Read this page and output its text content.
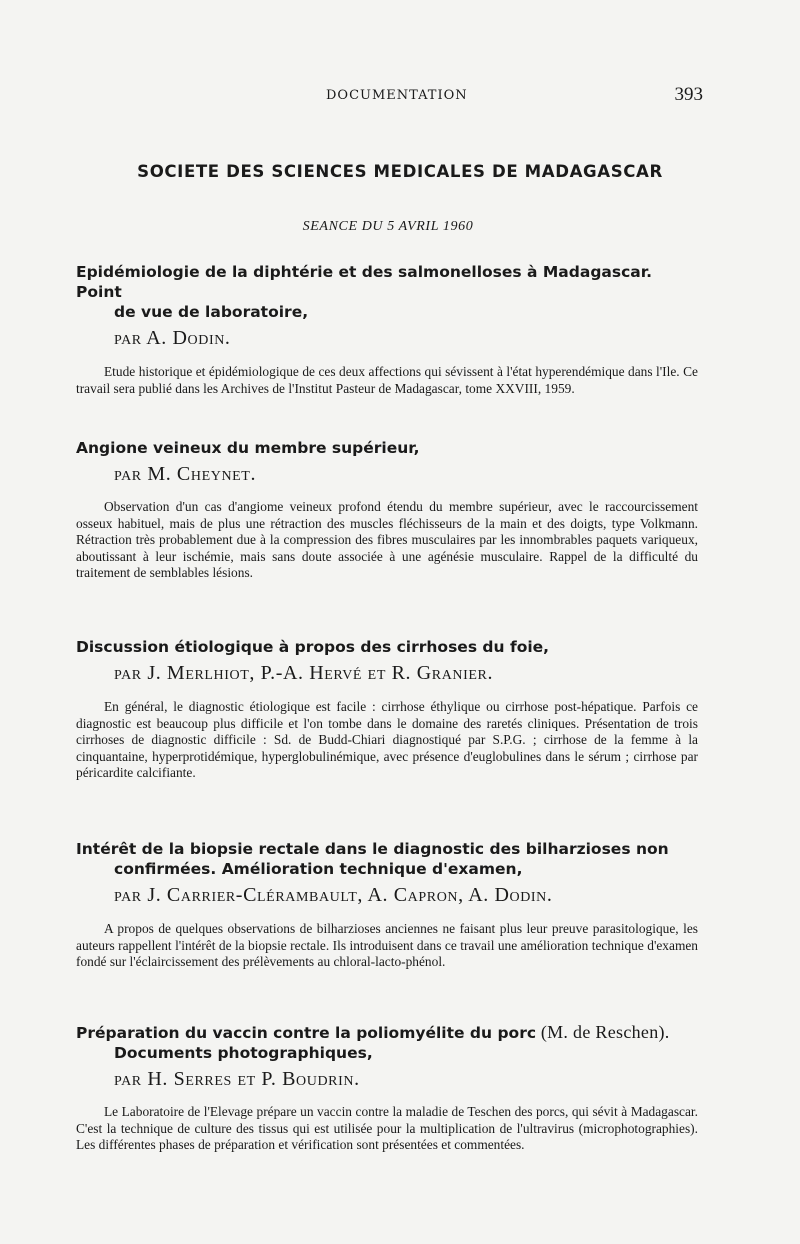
DOCUMENTATION	393
SOCIETE DES SCIENCES MEDICALES DE MADAGASCAR
SEANCE DU 5 AVRIL 1960

Epidémiologie de la diphtérie et des salmonelloses à Madagascar. Point
de vue de laboratoire,

par A. Dodin.

Etude historique et épidémiologique de ces deux affections qui sévissent à l'état hyperendémique dans l'Ile. Ce travail sera publié dans les Archives de l'Institut Pasteur de Madagascar, tome XXVIII, 1959.

Angione veineux du membre supérieur,

par M. Cheynet.

Observation d'un cas d'angiome veineux profond étendu du membre supérieur, avec le raccourcissement osseux habituel, mais de plus une rétraction des muscles fléchisseurs de la main et des doigts, type Volkmann. Rétraction très probablement due à la compression des fibres musculaires par les innombrables paquets variqueux, aboutissant à leur ischémie, mais sans doute associée à une agénésie musculaire. Rappel de la difficulté du traitement de semblables lésions.

Discussion étiologique à propos des cirrhoses du foie,

par J. Merlhiot, P.-A. Hervé et R. Granier.

En général, le diagnostic étiologique est facile : cirrhose éthylique ou cirrhose post-hépatique. Parfois ce diagnostic est beaucoup plus difficile et l'on tombe dans le domaine des raretés cliniques. Présentation de trois cirrhoses de diagnostic difficile : Sd. de Budd-Chiari diagnostiqué par S.P.G. ; cirrhose de la femme à la cinquantaine, hyperprotidémique, hyperglobulinémique, avec présence d'euglobulines dans le sérum ; cirrhose par péricardite calcifiante.

Intérêt de la biopsie rectale dans le diagnostic des bilharzioses non
confirmées. Amélioration technique d'examen,

par J. Carrier-Clérambault, A. Capron, A. Dodin.

A propos de quelques observations de bilharzioses anciennes ne faisant plus leur preuve parasitologique, les auteurs rappellent l'intérêt de la biopsie rectale. Ils introduisent dans ce travail une amélioration technique d'examen fondé sur l'éclaircissement des prélèvements au chloral-lacto-phénol.

Préparation du vaccin contre la poliomyélite du porc (M. de Reschen).
Documents photographiques,

par H. Serres et P. Boudrin.

Le Laboratoire de l'Elevage prépare un vaccin contre la maladie de Teschen des porcs, qui sévit à Madagascar. C'est la technique de culture des tissus qui est utilisée pour la multiplication de l'ultravirus (microphotographies). Les différentes phases de préparation et vérification sont présentées et commentées.
